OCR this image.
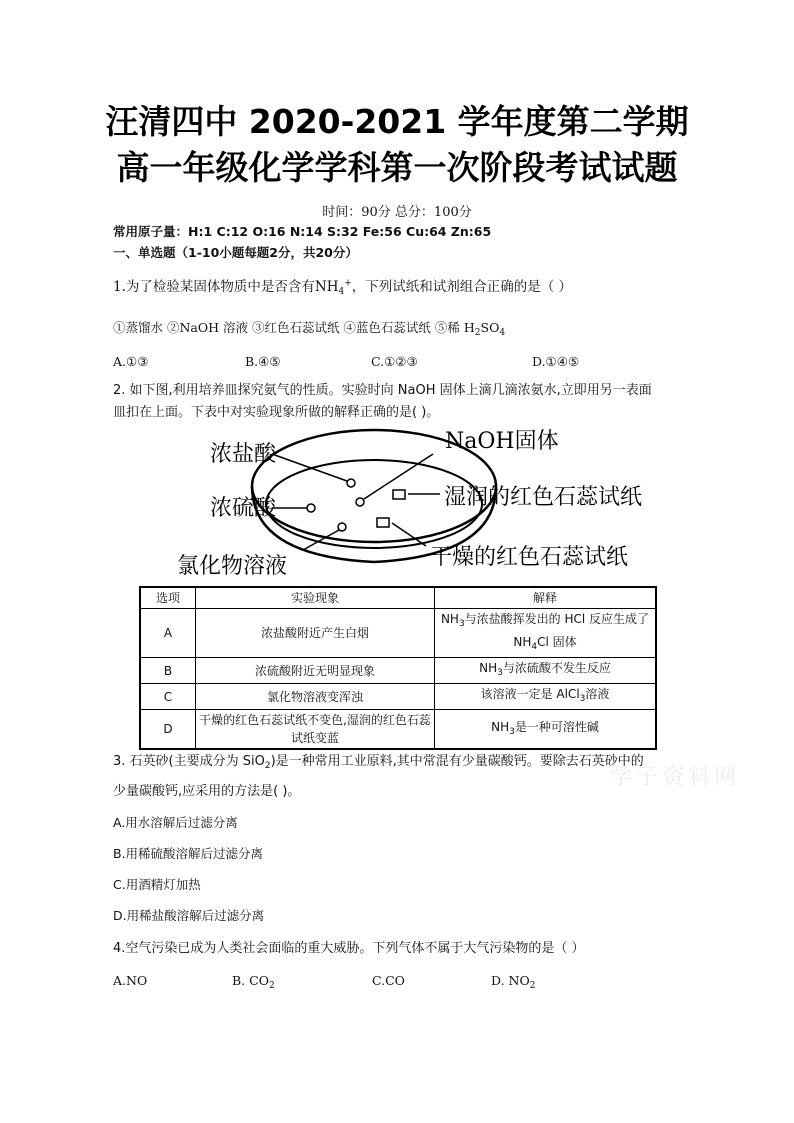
汪清四中 2020-2021 学年度第二学期
高一年级化学学科第一次阶段考试试题
时间：90分 总分：100分
常用原子量：H:1 C:12 O:16 N:14 S:32 Fe:56 Cu:64 Zn:65
一、单选题（1-10小题每题2分，共20分）
1.为了检验某固体物质中是否含有$NH_4^+$，下列试纸和试剂组合正确的是（ ）
①蒸馏水 ②NaOH 溶液 ③红色石蕊试纸 ④蓝色石蕊试纸 ⑤稀 $H_2SO_4$
A.①③	B.④⑤	C.①②③	D.①④⑤
2. 如下图,利用培养皿探究氨气的性质。实验时向 NaOH 固体上滴几滴浓氨水,立即用另一表面
皿扣在上面。下表中对实验现象所做的解释正确的是( )。
浓盐酸
浓硫酸
氯化物溶液
NaOH固体
湿润的红色石蕊试纸
干燥的红色石蕊试纸
选项	实验现象	解释
A	浓盐酸附近产生白烟	$NH_3$与浓盐酸挥发出的 HCl 反应生成了 $NH_4Cl$ 固体
B	浓硫酸附近无明显现象	$NH_3$与浓硫酸不发生反应
C	氯化物溶液变浑浊	该溶液一定是 AlCl$_3$溶液
D	干燥的红色石蕊试纸不变色,湿润的红色石蕊试纸变蓝	$NH_3$是一种可溶性碱
3. 石英砂(主要成分为 SiO$_2$)是一种常用工业原料,其中常混有少量碳酸钙。要除去石英砂中的
少量碳酸钙,应采用的方法是( )。
学子资料网
A.用水溶解后过滤分离
B.用稀硫酸溶解后过滤分离
C.用酒精灯加热
D.用稀盐酸溶解后过滤分离
4.空气污染已成为人类社会面临的重大威胁。下列气体不属于大气污染物的是（ ）
A.NO	B. $CO_2$	C.CO	D. $NO_2$
